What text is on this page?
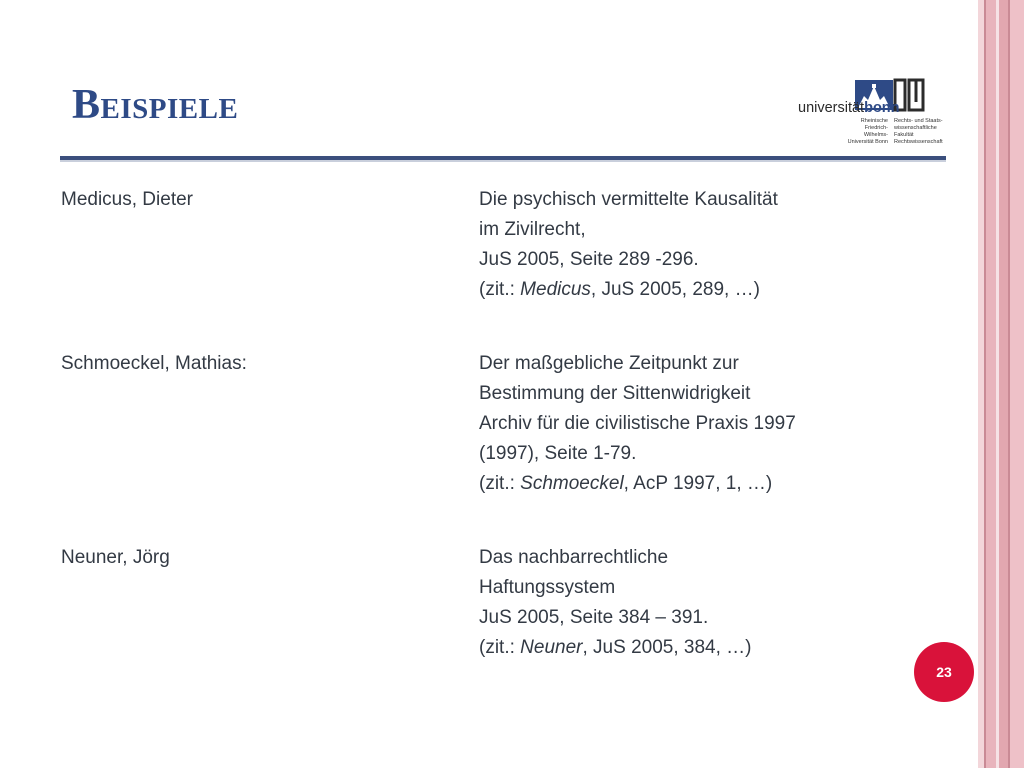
Beispiele	universitätbonn
Rheinische
Friedrich-Wilhelms-
Universität Bonn
Rechts- und Staats-
wissenschaftliche Fakultät
Rechtswissenschaft
Medicus, Dieter	Die psychisch vermittelte Kausalität
im Zivilrecht,
JuS 2005, Seite 289 -296.
(zit.: Medicus, JuS 2005, 289, …)
Schmoeckel, Mathias:	Der maßgebliche Zeitpunkt zur
Bestimmung der Sittenwidrigkeit
Archiv für die civilistische Praxis 1997
(1997), Seite 1-79.
(zit.: Schmoeckel, AcP 1997, 1, …)
Neuner, Jörg	Das nachbarrechtliche
Haftungssystem
JuS 2005, Seite 384 – 391.
(zit.: Neuner, JuS 2005, 384, …)
23
